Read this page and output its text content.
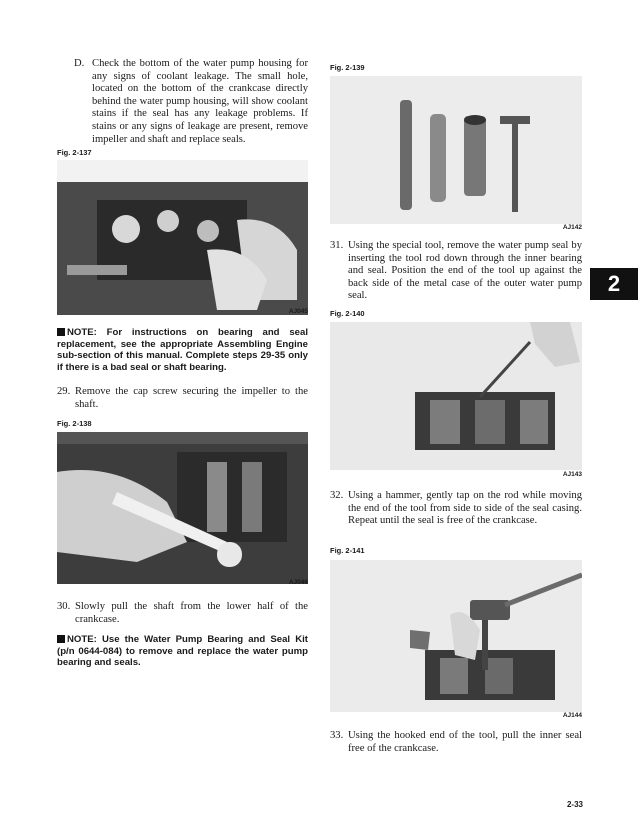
D. Check the bottom of the water pump housing for any signs of coolant leakage. The small hole, located on the bottom of the crankcase directly behind the water pump housing, will show coolant stains if the seal has any leakage problems. If stains or any signs of leakage are present, remove impeller and shaft and replace seals.
Fig. 2-137
AJ045
NOTE: For instructions on bearing and seal replacement, see the appropriate Assembling Engine sub-section of this manual. Complete steps 29-35 only if there is a bad seal or shaft bearing.
29. Remove the cap screw securing the impeller to the shaft.
Fig. 2-138
AJ046
30. Slowly pull the shaft from the lower half of the crankcase.
NOTE: Use the Water Pump Bearing and Seal Kit (p/n 0644-084) to remove and replace the water pump bearing and seals.
Fig. 2-139
AJ142
31. Using the special tool, remove the water pump seal by inserting the tool rod down through the inner bearing and seal. Position the end of the tool up against the back side of the metal case of the outer water pump seal.	2
Fig. 2-140
AJ143
32. Using a hammer, gently tap on the rod while moving the end of the tool from side to side of the seal casing. Repeat until the seal is free of the crankcase.
Fig. 2-141
AJ144
33. Using the hooked end of the tool, pull the inner seal free of the crankcase.
2-33
